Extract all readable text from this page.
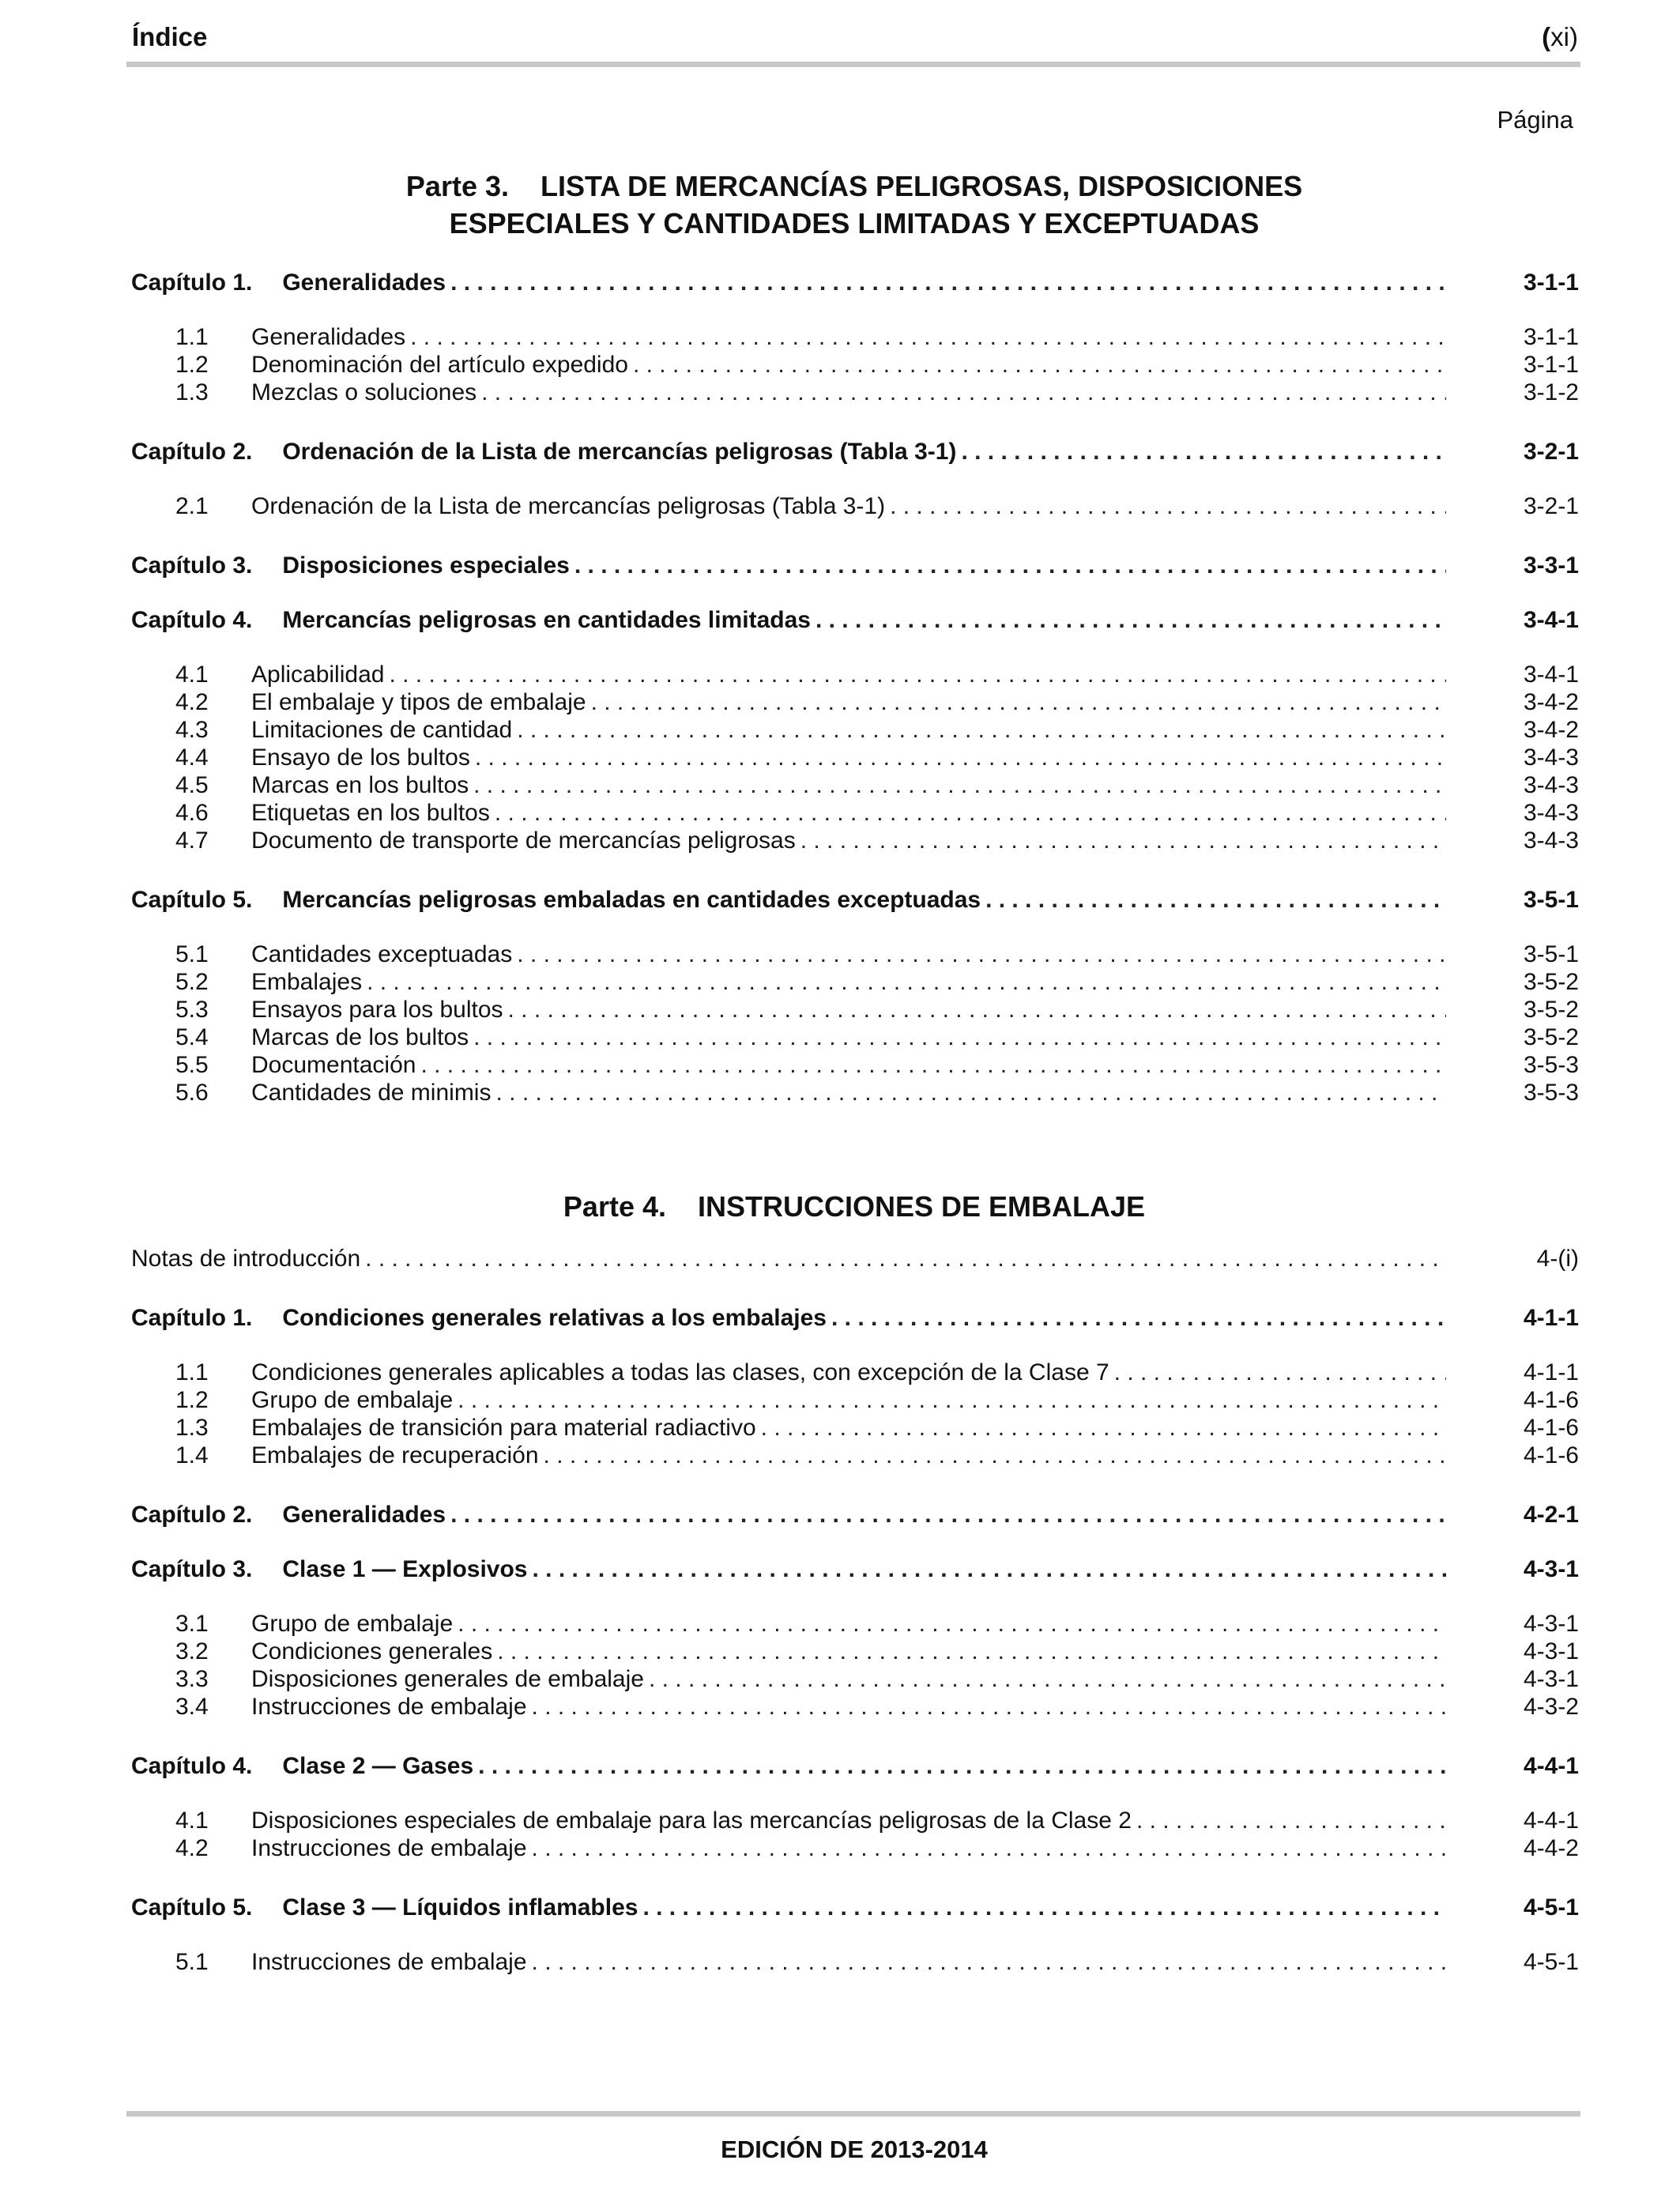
Índice	(xi)
Página
Parte 3. LISTA DE MERCANCÍAS PELIGROSAS, DISPOSICIONES
ESPECIALES Y CANTIDADES LIMITADAS Y EXCEPTUADAS
Capítulo 1. Generalidades . . .	3-1-1
1.1	Generalidades . . .	3-1-1
1.2	Denominación del artículo expedido . . .	3-1-1
1.3	Mezclas o soluciones . . .	3-1-2
Capítulo 2. Ordenación de la Lista de mercancías peligrosas (Tabla 3-1) . . .	3-2-1
2.1	Ordenación de la Lista de mercancías peligrosas (Tabla 3-1) . . .	3-2-1
Capítulo 3. Disposiciones especiales . . .	3-3-1
Capítulo 4. Mercancías peligrosas en cantidades limitadas . . .	3-4-1
4.1	Aplicabilidad . . .	3-4-1
4.2	El embalaje y tipos de embalaje . . .	3-4-2
4.3	Limitaciones de cantidad . . .	3-4-2
4.4	Ensayo de los bultos . . .	3-4-3
4.5	Marcas en los bultos . . .	3-4-3
4.6	Etiquetas en los bultos . . .	3-4-3
4.7	Documento de transporte de mercancías peligrosas . . .	3-4-3
Capítulo 5. Mercancías peligrosas embaladas en cantidades exceptuadas . . .	3-5-1
5.1	Cantidades exceptuadas . . .	3-5-1
5.2	Embalajes . . .	3-5-2
5.3	Ensayos para los bultos . . .	3-5-2
5.4	Marcas de los bultos . . .	3-5-2
5.5	Documentación . . .	3-5-3
5.6	Cantidades de minimis . . .	3-5-3
Parte 4. INSTRUCCIONES DE EMBALAJE
Notas de introducción . . .	4-(i)
Capítulo 1. Condiciones generales relativas a los embalajes . . .	4-1-1
1.1	Condiciones generales aplicables a todas las clases, con excepción de la Clase 7 . . .	4-1-1
1.2	Grupo de embalaje . . .	4-1-6
1.3	Embalajes de transición para material radiactivo . . .	4-1-6
1.4	Embalajes de recuperación . . .	4-1-6
Capítulo 2. Generalidades . . .	4-2-1
Capítulo 3. Clase 1 — Explosivos . . .	4-3-1
3.1	Grupo de embalaje . . .	4-3-1
3.2	Condiciones generales . . .	4-3-1
3.3	Disposiciones generales de embalaje . . .	4-3-1
3.4	Instrucciones de embalaje . . .	4-3-2
Capítulo 4. Clase 2 — Gases . . .	4-4-1
4.1	Disposiciones especiales de embalaje para las mercancías peligrosas de la Clase 2 . . .	4-4-1
4.2	Instrucciones de embalaje . . .	4-4-2
Capítulo 5. Clase 3 — Líquidos inflamables . . .	4-5-1
5.1	Instrucciones de embalaje . . .	4-5-1
EDICIÓN DE 2013-2014
